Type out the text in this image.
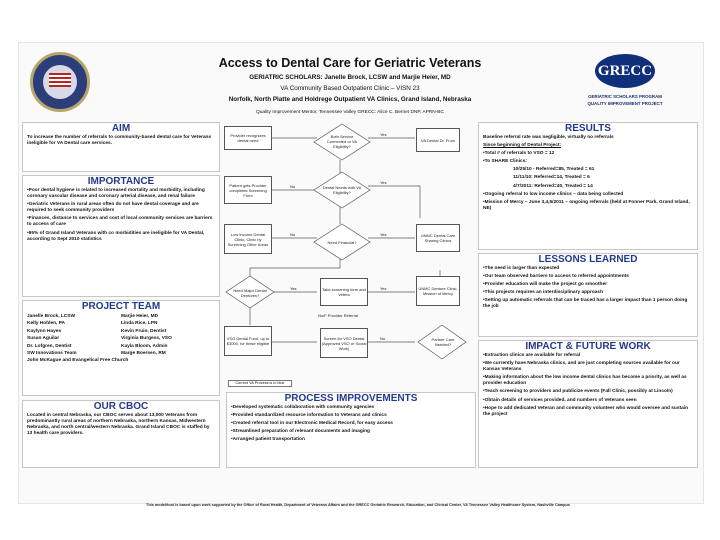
Access to Dental Care for Geriatric Veterans
GERIATRIC SCHOLARS: Janelle Brock, LCSW and Marjie Heier, MD
VA Community Based Outpatient Clinic – VISN 23
Norfolk, North Platte and Holdrege Outpatient VA Clinics, Grand Island, Nebraska
Quality Improvement Mentor, Tennessee Valley GRECC: Alice C. Bernet DNP, APRN-BC
GRECC
GERIATRIC SCHOLARS PROGRAM
QUALITY IMPROVEMENT PROJECT
AIM
To increase the number of referrals to community-based dental care for Veterans ineligible for VA Dental care services.
IMPORTANCE

•Poor dental hygiene is related to increased mortality and morbidity, including coronary vascular disease and coronary arterial disease, and renal failure

•Geriatric Veterans in rural areas often do not have dental coverage and are required to seek community providers

•Finances, distance to services and cost of local community services are barriers to access of care

•95% of Grand Island Veterans with co morbidities are ineligible for VA Dental, according to Sept 2010 statistics

PROJECT TEAM
Janelle Brock, LCSW	Marjie Heier, MD
Kelly Hohlen, PA	Linda Rice, LPN
Kaylynn Hayes	Kevin Fruin, Dentist
Susan Aguilar	Virginia Burgess, VSO
Dr. Lofgren, Dentist	Kayla Bloom, Admin
SW Innovations Team	Marge Boersen, RM
John McKague and Evangelical Free Church
OUR CBOC
Located in central Nebraska, our CBOC serves about 13,000 Veterans from predominantly rural areas of northern Nebraska, northern Kansas, Midwestern Nebraska, and north central/western Nebraska. Grand Island CBOC is staffed by 13 health care providers.
Provider recognizes dental need
Both Service Connected or VA Eligibility?
VA Dental Dr. Fruin
Patient gets Provider completes Screening Form
Dental Needs with VA Eligibility?
Low Income Dental Clinic, Clinic by Screening Other Areas	Need Financial?
UNMC Dental Care Sharing Clinics
Take screening form and Vetera
Need Major Dental Dentures?
UNMC Denture Clinic, Mission of Mercy
VSO Dental Fund, up to $3000, for these eligible
Screen for VSO Dental (Approved VSO or Social Work)
Partner Care Needed?
Yes
No
Yes
Yes
No
Yes	Yes
No/F Provider Referral
No
Current VA Process is in blue
PROCESS IMPROVEMENTS

•Developed systematic collaboration with community agencies

•Provided standardized resource information to Veterans and clinics

•Created referral tool in our Electronic Medical Record, for easy access

•Streamlined preparation of relevant documents and imaging

•Arranged patient transportation

RESULTS

Baseline referral rate was negligible, virtually no referrals

Since beginning of Dental Project:

•Total # of referrals to VSO = 12

•To SHARE Clinics:

10/25/10 - Referred=85, Treated = 61

11/11/10: Referred=14, Treated = 6

4/7/2011: Referred=40, Treated = 14

•Ongoing referral to low income clinics – data being collected

•Mission of Mercy – June 3,4,5/2011 – ongoing referrals (held at Fonner Park, Grand Island, NE)

LESSONS LEARNED

•The need is larger than expected

•Our team observed barriers to access to referred appointments

•Provider education will make the project go smoother

•This projects requires an interdisciplinary approach

•Setting up automatic referrals that can be traced has a larger impact than 1 person doing the job

IMPACT & FUTURE WORK

•Extraction clinics are available for referral

•We currently have Nebraska clinics, and are just completing sources available for our Kansas Veterans

•Making information about the low income dental clinics has become a priority, as well as provider education

•Teach screening to providers and publicize events (Fall Clinic, possibly at Lincoln)

•Obtain details of services provided, and numbers of Veterans seen

•Hope to add dedicated Veteran and community volunteer who would oversee and sustain the project

This model/tool is based upon work supported by the Office of Rural Health, Department of Veterans Affairs and the GRECC Geriatric Research, Education, and Clinical Center, VA Tennessee Valley Healthcare System, Nashville Campus
